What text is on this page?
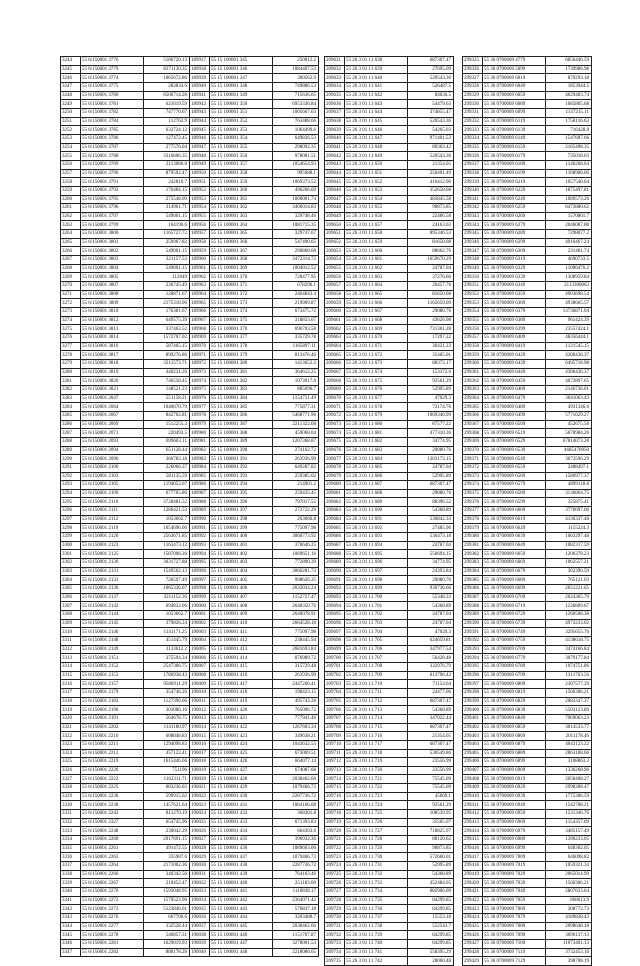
3244	55 6/150001 3776	5186720.13
3245	55 6/150001 3779	8271130.35
3246	55 6/150001 3774	1065672.86
3247	55 6/150001 3775	283834.6
3248	55 6/150001 3780	8506714.28
3249	55 6/150001 3781	621619.59
3250	55 6/150001 3782	747770.67
3251	55 6/150001 3784	112762.9
3252	55 6/150001 3785	632724.12
3253	55 6/150001 3786	127472.45
3254	55 6/150001 3787	277576.04
3255	55 6/150001 3788	3316606.35
3256	55 6/150001 3789	2113080.8
3257	55 6/150001 3790	879592.47
3258	55 6/150001 3791	242810.7
3259	55 6/150001 3793	176484.15
3260	55 6/150001 3795	275548.09
3261	55 6/150001 3796	314961.71
3262	55 6/150001 3797	549001.15
3263	55 6/150001 3799	164196.6
3264	55 6/150001 3800	1165727.72
3265	55 6/150001 3801	259967.82
3266	55 6/150001 3802	549001.15
3267	55 6/150001 3803	321157.53
3268	55 6/150001 3804	549001.15
3269	55 6/150001 3805	112649
3270	55 6/150001 3807	236745.49
3271	55 6/150001 3808	128871.67
3272	55 6/150001 3809	2175318.96
3273	55 6/150001 3810	176381.67
3274	55 6/150001 3812	649575.39
3275	55 6/150001 3813	337463.52
3276	55 6/150001 3814	1572707.02
3277	55 6/150001 3816	587465.15
3278	55 6/150001 3817	899276.86
3279	55 6/150001 3818	3211573.71
3280	55 6/150001 3819	440231.26
3281	55 6/150001 3820	746558.45
3282	55 6/150001 3821	148521.23
3283	55 6/150001 2047	551158.21
3284	55 6/150001 2064	1040670.79
3285	55 6/150001 2067	842762.81
3286	55 6/150001 2069	1512255.3
3287	55 6/150001 2071	220493.5
3288	55 6/150001 2093	699603.11
3289	55 6/150001 2094	651128.44
3290	55 6/150001 2096	366783.18
3291	55 6/150001 2100	226066.37
3292	55 6/150001 2103	581135.59
3293	55 6/150001 2105	1194053.07
3294	55 6/150001 2109	677765.86
3295	55 6/150001 2110	3728481.52
3296	55 6/150001 2111	1286421.53
3297	55 6/150001 2112	1053662.7
3298	55 6/150001 2119	1054696.06
3299	55 6/150001 2120	2563671.85
3300	55 6/150001 2123	1163473.12
3301	55 6/150001 2125	1587006.26
3302	55 6/150001 2130	3631727.88
3303	55 6/150001 2131	1549562.13
3304	55 6/150001 2133	726597.49
3305	55 6/150001 2136	1065336.07
3306	55 6/150001 2137	3211152.36
3307	55 6/150001 2142	694832.06
3308	55 6/150001 2144	1053662.7
3309	55 6/150001 2145	379826.24
3310	55 6/150001 2146	1141171.25
3311	55 6/150001 2148	451445.79
3312	55 6/150001 2149	1133612.2
3313	55 6/150001 2151	375594.34
3314	55 6/150001 2152	2547366.75
3315	55 6/150001 2153	1786938.43
3316	55 6/150001 2157	9586911.29
3317	55 6/150001 2179	354746.26
3318	55 6/150001 2182	1127396.66
3319	55 6/150001 2190	303086.16
3320	55 6/150001 2191	564678.75
3321	55 6/150001 2202	1141180.97
3322	55 6/150001 2210	608848.83
3323	55 6/150001 2211	1294098.83
3324	55 6/150001 2212	457122.41
3325	55 6/150001 2219	1615446.66
3326	55 6/150001 2220	751196
3327	55 6/150001 2222	1162311.71
3328	55 6/150001 2225	603236.03
3329	55 6/150001 2236	599915.62
3330	55 6/150001 2238	1457621.64
3331	55 6/150001 2242	811270.19
3332	55 6/150001 2327	654745.96
3333	55 6/150001 2248	236042.29
3334	55 6/150001 2260	2017691.15
3335	55 6/150001 2261	491472.55
3336	55 6/150001 2263	335987.6
3337	55 6/150001 2264	2171002.36
3338	55 6/150001 2266	340342.56
3339	55 6/150001 2267	210452.47
3340	55 6/150001 2270	1593048.95
3341	55 6/150001 2272	1570523.96
3342	55 6/150001 2273	5123846.01
3343	55 6/150001 2276	667706.6
3344	55 6/150001 2277	332528.44
3345	55 6/150001 2278	546857.31
3346	55 6/150001 2281	1629019.93
3347	55 6/150001 2282	888178.28
189937	55 15 100001 345	250012.2
189938	55 15 100001 346	1084407.53
189939	55 15 100001 347	300562.9
189940	55 15 100001 348	749886.53
189941	55 15 100001 349	715636.05
189942	55 15 100001 350	6953336.84
189943	55 15 100001 351	1005667.63
189944	55 15 100001 352	763488.66
189945	55 15 100001 353	1064499.6
189946	55 15 100001 354	649836.53
189947	55 15 100001 355	298092.35
189948	55 15 100001 356	978081.51
189949	55 15 100001 357	1054654.93
189950	55 15 100001 358	995688.1
189951	55 15 100001 359	1069373.52
189952	55 15 100001 360	496266.69
189953	55 15 100001 361	1000001.74
189954	55 15 100001 362	3406014.83
189955	55 15 100001 363	329748.46
189956	55 15 100001 364	1081715.35
189957	55 15 100001 365	329747.67
189958	55 15 100001 366	547490.65
189959	55 15 100001 367	290868.68
189960	55 15 100001 368	3472314.72
189961	55 15 100001 369	1004012.52
189962	55 15 100001 370	728477.95
189963	55 15 100001 371	678296.1
189964	55 15 100001 372	2464843.4
189965	55 15 100001 373	219969.87
189966	55 15 100001 374	673475.72
189967	55 15 100001 375	318833.67
189968	55 15 100001 376	696703.58
189969	55 15 100001 377	335729.78
189970	55 15 100001 378	1165897.11
189971	55 15 100001 379	813476.46
189972	55 15 100001 380	1413652.2
189973	55 15 100001 381	364612.25
189974	55 15 100001 382	1073017.6
189975	55 15 100001 383	885096.7
189976	55 15 100001 384	1154751.49
189977	55 15 100001 385	775877.31
189978	55 15 100001 386	5468771.96
189979	55 15 100001 387	2211322.68
189980	55 15 100001 388	459068.04
189981	55 15 100001 389	1207368.87
189982	55 15 100001 390	274162.72
189983	55 15 100001 391	263936.99
189984	55 15 100001 392	649287.82
189985	55 15 100001 393	259385.02
189986	55 15 100001 394	214901.2
189987	55 15 100001 395	259435.45
189988	55 15 100001 396	797017.55
189989	55 15 100001 397	272722.29
189990	55 15 100001 398	263666.8
189991	55 15 100001 399	775097.98
189992	55 15 100001 400	3060773.92
189993	55 15 100001 401	376646.25
189994	55 15 100001 402	1069651.16
189995	55 15 100001 403	772890.39
189996	55 15 100001 404	3066281.73
189997	55 15 100001 405	998626.35
189998	55 15 100001 406	2633034.24
189999	55 15 100001 407	1152727.47
190000	55 15 100001 408	2648350.76
190001	55 15 100001 409	2640078.91
190002	55 15 100001 410	2664528.18
190003	55 15 100001 411	775097.98
190004	55 15 100001 412	238445.94
190005	55 15 100001 413	2681693.84
190006	55 15 100001 414	876989.72
190007	55 15 100001 415	315729.48
190008	55 15 100001 416	263936.99
190009	55 15 100001 417	2447266.41
190010	55 15 100001 418	198423.15
190011	55 15 100001 419	495743.28
190012	55 15 100001 420	765096.72
190013	55 15 100001 421	777941.46
190014	55 15 100001 422	1267603.34
190015	55 15 100001 423	349638.21
190016	55 15 100001 424	1043632.55
190017	55 15 100001 425	673069.51
190018	55 15 100001 426	664077.14
190019	55 15 100001 427	674087.68
190020	55 15 100001 428	2038462.66
190021	55 15 100001 429	1079466.73
190022	55 15 100001 430	2287736.72
190023	55 15 100001 431	1064166.08
190024	55 15 100001 432	368301.8
190025	55 15 100001 433	671393.83
190026	55 15 100001 434	664303.6
190027	55 15 100001 435	396932.36
190028	55 15 100001 436	1089603.06
190029	55 15 100001 437	1079466.73
190030	55 15 100001 438	2287736.72
190031	55 15 100001 439	764163.46
190032	55 15 100001 440	251183.06
190033	55 15 100001 441	1110838.17
190034	55 15 100001 442	2364071.42
190035	55 15 100001 443	576837.18
190036	55 15 100001 444	3203488.7
190037	55 15 100001 445	2038462.66
190038	55 15 100001 446	1151707.87
190039	55 15 100001 447	3278001.53
190040	55 15 100001 448	2218086.65
209631	55 26 3 01 11 638	687307.47
209632	55 26 3 01 11 639	27695.09
209633	55 26 3 01 11 640	520543.36
209634	55 26 3 01 11 641	526487.5
209635	55 26 3 01 11 642	84036.5
209636	55 26 3 01 11 643	54479.63
209637	55 26 3 01 11 644	374855.47
209638	55 26 3 01 11 645	520543.36
209639	55 26 3 01 11 646	54265.03
209640	55 26 3 01 11 647	971401.53
209641	55 26 3 01 11 648	80363.42
209642	55 26 3 01 11 649	520543.36
209643	55 26 3 01 11 650	21354.05
209644	55 26 3 01 11 651	250401.49
209645	55 26 3 01 11 652	416412.96
209646	55 26 3 01 11 653	352658.08
209647	55 26 3 01 11 654	483845.58
209648	55 26 3 01 11 655	90873.85
209649	55 26 3 01 11 656	22486.58
209650	55 26 3 01 11 657	24163.03
209651	55 26 3 01 11 658	895346.53
209652	55 26 3 01 11 659	81650.08
209653	55 26 3 01 11 660	88662.76
209654	55 26 3 01 11 661	1659670.29
209655	55 26 3 01 11 662	24787.04
209656	55 26 3 01 11 663	37276.66
209657	55 26 3 01 11 664	26457.76
209658	55 26 3 01 11 665	81650.08
209659	55 26 3 01 11 666	1165659.09
209660	55 26 3 01 11 667	29080.76
209661	55 26 3 01 11 668	43626.98
209662	55 26 3 01 11 669	731361.28
209663	55 26 3 01 11 670	17297.22
209664	55 26 3 01 11 671	36421.23
209665	55 26 3 01 11 672	35465.01
209666	55 26 3 01 11 673	88373.17
209667	55 26 3 01 11 674	153172.6
209668	55 26 3 01 11 675	93561.29
209669	55 26 3 01 11 676	52995.89
209670	55 26 3 01 11 677	47029.3
209671	55 26 3 01 11 678	72174.76
209672	55 26 3 01 11 679	1069346.99
209673	55 26 3 01 11 680	87577.22
209674	55 26 3 01 11 681	477310.36
209675	55 26 3 01 11 682	34774.95
209676	55 26 3 01 11 683	29080.76
209677	55 26 3 01 11 684	1303173.15
209678	55 26 3 01 11 685	24787.04
209679	55 26 3 01 11 686	52995.89
209680	55 26 3 01 11 687	687307.47
209681	55 26 3 01 11 688	29080.76
209682	55 26 3 01 11 689	88396.52
209683	55 26 3 01 11 690	54368.89
209684	55 26 3 01 11 691	536842.33
209685	55 26 3 01 11 692	27485.96
209686	55 26 3 01 11 693	536473.18
209687	55 26 3 01 11 694	24787.04
209688	55 26 3 01 11 695	556694.15
209689	55 26 3 01 11 696	34774.95
209690	55 26 3 01 11 697	24393.84
209691	55 26 3 01 11 698	29080.76
209692	55 26 3 01 11 699	930736.66
209693	55 26 3 01 11 700	55348.33
209694	55 26 3 01 11 701	54368.89
209695	55 26 3 01 11 702	24787.04
209696	55 26 3 01 11 703	24787.04
209697	55 26 3 01 11 704	47029.3
209698	55 26 3 01 11 705	624659.81
209699	55 26 3 01 11 706	347977.54
209700	55 26 3 01 11 707	56428.48
209701	55 26 3 01 11 708	332976.79
209702	55 26 3 01 11 709	613796.43
209703	55 26 3 01 11 710	71154.64
209704	55 26 3 01 11 711	24477.06
209705	55 26 3 01 11 712	687307.47
209706	55 26 3 01 11 713	54368.89
209707	55 26 3 01 11 714	347022.44
209708	55 26 3 01 11 715	687307.47
209709	55 26 3 01 11 716	21354.05
209710	55 26 3 01 11 717	687307.47
209711	55 26 3 01 11 718	530549.86
209712	55 26 3 01 11 719	23556.99
209713	55 26 3 01 11 720	23556.99
209714	55 26 3 01 11 721	75545.09
209715	55 26 3 01 11 722	75545.09
209716	55 26 3 01 11 723	45669.1
209717	55 26 3 01 11 724	93561.29
209718	55 26 3 01 11 725	108539.95
209719	55 26 3 01 11 726	35505.07
209720	55 26 3 01 11 727	718825.97
209721	55 26 3 01 11 728	88120.62
209722	55 26 3 01 11 729	90873.85
209723	55 26 3 01 11 730	572660.01
209724	55 26 3 01 11 731	52995.89
209725	55 26 3 01 11 732	54368.89
209726	55 26 3 01 11 733	452484.05
209727	55 26 3 01 11 734	682906.09
209728	55 26 3 01 11 735	84299.85
209729	55 26 3 01 11 736	84299.85
209730	55 26 3 01 11 737	15553.18
209731	55 26 3 01 11 738	552543.7
209732	55 26 3 01 11 739	84299.85
209733	55 26 3 01 11 740	84299.85
209734	55 26 3 01 11 741	558395.29
209735	55 26 3 01 11 742	28060.48
299325	55 36 0700009 4779	6856446.59
299326	55 36 0700009 5099	1739986.98
299327	55 36 0700009 6019	879293.18
299328	55 36 0700009 6049	1853944.5
299329	55 36 0700009 6059	4029483.74
299330	55 36 0700009 6089	1085805.68
299331	55 36 0700009 6099	1137215.11
299332	55 36 0700009 6119	1758116.63
299333	55 36 0700009 6139	716428.8
299334	55 36 0700009 6149	1547687.66
299335	55 36 0700009 6159	2165498.35
299336	55 36 0700009 6179	735018.63
299337	55 36 0700009 6189	1146268.64
299338	55 36 0700009 6199	1168906.06
299339	55 36 0700009 6219	1057540.64
299340	55 36 0700009 6229	1875497.81
299341	55 36 0700009 6249	1089573.26
299342	55 36 0700009 6259	6473880.62
299343	55 36 0700009 6269	1570801.7
299344	55 36 0700009 6279	2046087.88
299345	55 36 0700009 6289	7298077.2
299346	55 36 0700009 6299	4916467.24
299347	55 36 0700009 6309	231461.74
299348	55 36 0700009 6319	4690733.5
299349	55 36 0700009 6329	11096476.2
299350	55 36 0700009 6339	1308959.84
299351	55 36 0700009 6349	2113300063
299352	55 36 0700009 6359	4903698.54
299353	55 36 0700009 6369	4938665.57
299354	55 36 0700009 6379	13736871.04
299355	55 36 0700009 6389	961424.39
299356	55 36 0700009 6399	23557424.1
299357	55 36 0700009 6409	48356444.1
299358	55 36 0700009 6419	1121545.15
299359	55 36 0700009 6429	4306436.37
299360	55 36 0700009 6439	6495718.98
299361	55 36 0700009 6449	4306436.37
299362	55 36 0700009 6459	4672897.65
299363	55 36 0700009 6469	2146736.01
299364	55 36 0700009 6479	3641063.43
299365	55 36 0700009 6489	4931346.6
299366	55 36 0700009 6499	5771629.27
299367	55 36 0700009 6509	452675.58
299368	55 36 0700009 6519	5678984.26
299369	55 36 0700009 6529	67814073.28
299370	55 36 0700009 6539	4685470950
299371	55 36 0700009 6549	3673596.29
299372	55 36 0700009 6559	2488497.1
299373	55 36 0700009 6569	1586977.37
299374	55 36 0700009 6579	4899118.8
299375	55 36 0700009 6589	3136864.75
299376	55 36 0700009 6599	325875.41
299377	55 36 0700009 6609	3770097.06
299378	55 36 0700009 6619	4136337.48
299379	55 36 0700009 6629	1155224.3
299380	55 36 0700009 6639	1663297.48
299381	55 36 0700009 6649	1082317.59
299382	55 36 0700009 6659	1206378.23
299383	55 36 0700009 6669	1062557.21
299384	55 36 0700009 6679	302390.59
299385	55 36 0700009 6689	765121.03
299386	55 36 0700009 6699	2651221.65
299387	55 36 0700009 6709	2624365.79
299388	55 36 0700009 6719	1236809.67
299389	55 36 0700009 6729	1260508.38
299390	55 36 0700009 6739	4973233.02
299391	55 36 0700009 6749	3295655.76
299392	55 36 0700009 6759	4138618.75
299393	55 36 0700009 6769	3474166.84
299394	55 36 0700009 6779	3079177.84
299395	55 36 0700009 6789	1074751.86
299396	55 36 0700009 6799	1311763.56
299397	55 36 0700009 6809	2307577.29
299398	55 36 0700009 6819	1560306.21
299399	55 36 0700009 6829	2083347.37
299400	55 36 0700009 6839	5503123.89
299401	55 36 0700009 6849	7969063.23
299402	55 36 0700009 6859	3014533.77
299403	55 36 0700009 6869	2011178.46
299404	55 36 0700009 6879	4043123.22
299405	55 36 0700009 6889	2863188.66
299406	55 36 0700009 6899	3108863.3
299407	55 36 0700009 6909	1336268.96
299408	55 36 0700009 6919	2058408.27
299409	55 36 0700009 6929	2998308.47
299410	55 36 0700009 6939	1775306.59
299411	55 36 0700009 6949	1542708.21
299412	55 36 0700009 6959	1531346.76
299413	55 36 0700009 6969	1154357.09
299414	55 36 0700009 6979	3485157.49
299415	55 36 0700009 6989	1396233.05
299416	55 36 0700009 6999	648302.05
299417	55 36 0700009 7009	646098.82
299418	55 36 0700009 7019	1059321.34
299419	55 36 0700009 7029	2065014.99
299420	55 36 0700009 7039	1560306.21
299421	55 36 0700009 7049	2807633.64
299422	55 36 0700009 7059	868613.9
299423	55 36 0700009 7069	308772.73
299424	55 36 0700009 7079	4189838.43
299425	55 36 0700009 7089	2098648.18
299426	55 36 0700009 7099	3096137.13
299427	55 36 0700009 7109	11073401.13
299428	55 36 0700009 7119	3732453.16
299429	55 36 0700009 7129	398708.19
